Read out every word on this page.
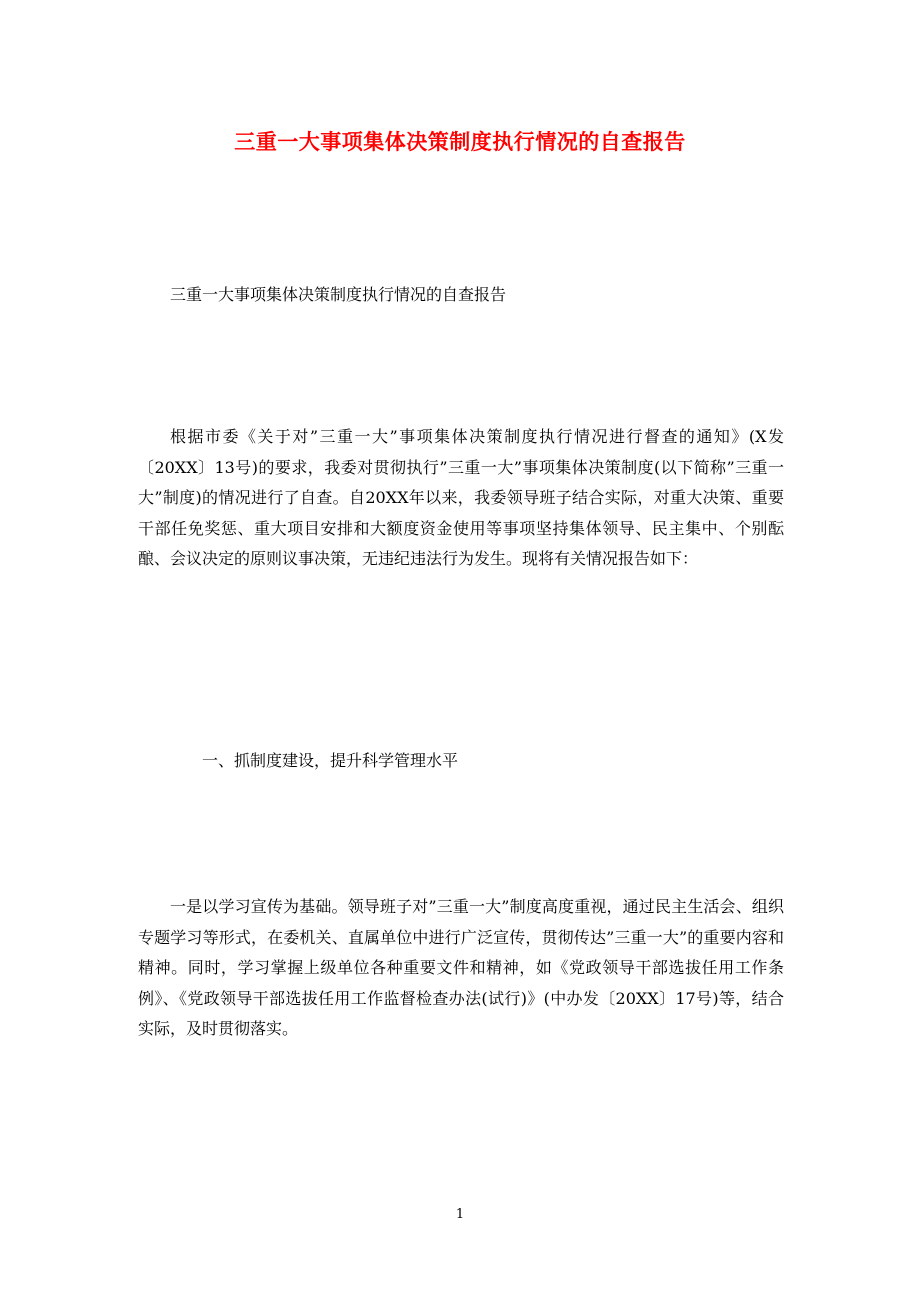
三重一大事项集体决策制度执行情况的自查报告
三重一大事项集体决策制度执行情况的自查报告

根据市委《关于对”三重一大”事项集体决策制度执行情况进行督查的通知》(X发〔20XX〕13号)的要求，我委对贯彻执行”三重一大”事项集体决策制度(以下简称”三重一大”制度)的情况进行了自查。自20XX年以来，我委领导班子结合实际，对重大决策、重要干部任免奖惩、重大项目安排和大额度资金使用等事项坚持集体领导、民主集中、个别酝酿、会议决定的原则议事决策，无违纪违法行为发生。现将有关情况报告如下：

一、抓制度建设，提升科学管理水平

一是以学习宣传为基础。领导班子对”三重一大”制度高度重视，通过民主生活会、组织专题学习等形式，在委机关、直属单位中进行广泛宣传，贯彻传达”三重一大”的重要内容和精神。同时，学习掌握上级单位各种重要文件和精神，如《党政领导干部选拔任用工作条例》、《党政领导干部选拔任用工作监督检查办法(试行)》(中办发〔20XX〕17号)等，结合实际，及时贯彻落实。

1
